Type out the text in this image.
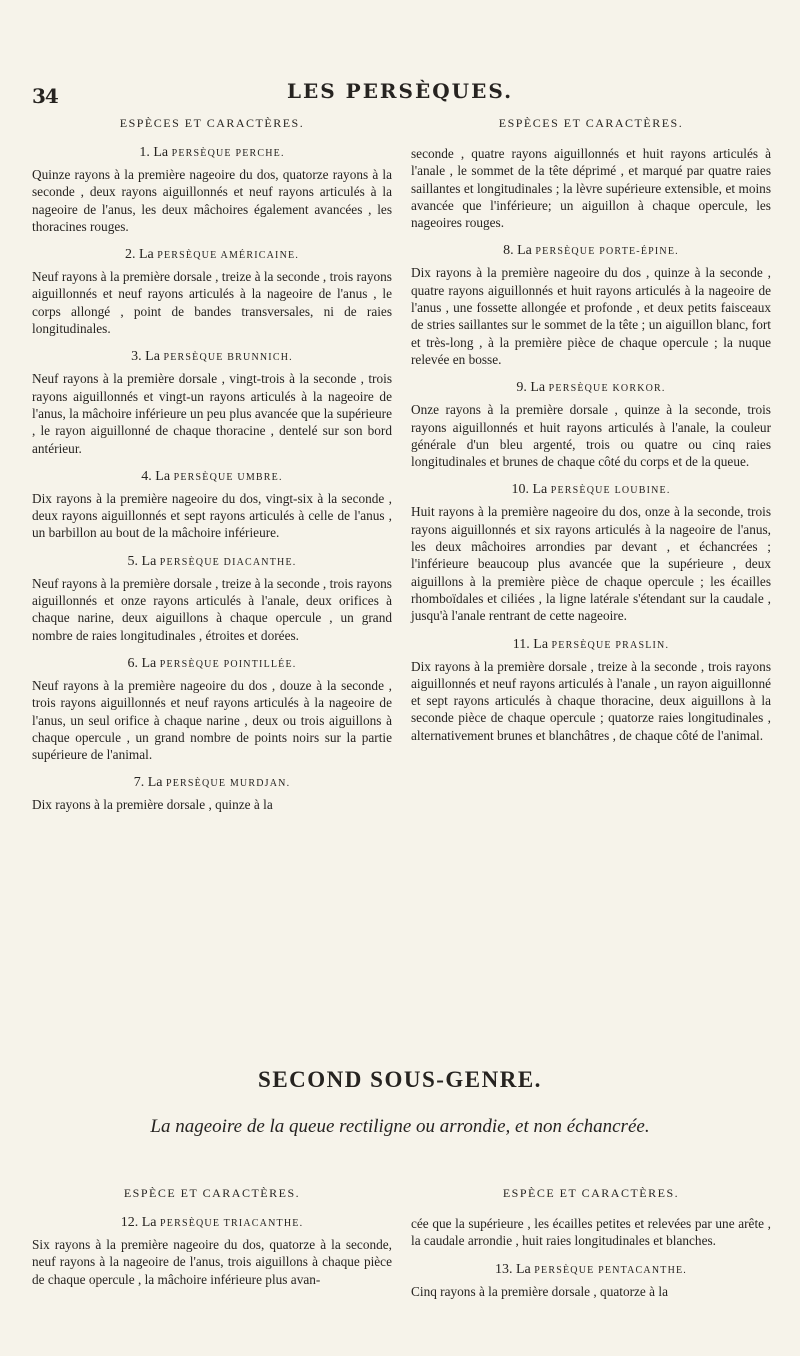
34	LES PERSÈQUES.
ESPÈCES ET CARACTÈRES.
1. La PERSÈQUE PERCHE.

Quinze rayons à la première nageoire du dos, quatorze rayons à la seconde , deux rayons aiguillonnés et neuf rayons articulés à la nageoire de l'anus, les deux mâchoires également avancées , les thoracines rouges.

2. La PERSÈQUE AMÉRICAINE.

Neuf rayons à la première dorsale , treize à la seconde , trois rayons aiguillonnés et neuf rayons articulés à la nageoire de l'anus , le corps allongé , point de bandes transversales, ni de raies longitudinales.

3. La PERSÈQUE BRUNNICH.

Neuf rayons à la première dorsale , vingt-trois à la seconde , trois rayons aiguillonnés et vingt-un rayons articulés à la nageoire de l'anus, la mâchoire inférieure un peu plus avancée que la supérieure , le rayon aiguillonné de chaque thoracine , dentelé sur son bord antérieur.

4. La PERSÈQUE UMBRE.

Dix rayons à la première nageoire du dos, vingt-six à la seconde , deux rayons aiguillonnés et sept rayons articulés à celle de l'anus , un barbillon au bout de la mâchoire inférieure.

5. La PERSÈQUE DIACANTHE.

Neuf rayons à la première dorsale , treize à la seconde , trois rayons aiguillonnés et onze rayons articulés à l'anale, deux orifices à chaque narine, deux aiguillons à chaque opercule , un grand nombre de raies longitudinales , étroites et dorées.

6. La PERSÈQUE POINTILLÉE.

Neuf rayons à la première nageoire du dos , douze à la seconde , trois rayons aiguillonnés et neuf rayons articulés à la nageoire de l'anus, un seul orifice à chaque narine , deux ou trois aiguillons à chaque opercule , un grand nombre de points noirs sur la partie supérieure de l'animal.

7. La PERSÈQUE MURDJAN.

Dix rayons à la première dorsale , quinze à la

ESPÈCES ET CARACTÈRES.

seconde , quatre rayons aiguillonnés et huit rayons articulés à l'anale , le sommet de la tête déprimé , et marqué par quatre raies saillantes et longitudinales ; la lèvre supérieure extensible, et moins avancée que l'inférieure; un aiguillon à chaque opercule, les nageoires rouges.

8. La PERSÈQUE PORTE-ÉPINE.

Dix rayons à la première nageoire du dos , quinze à la seconde , quatre rayons aiguillonnés et huit rayons articulés à la nageoire de l'anus , une fossette allongée et profonde , et deux petits faisceaux de stries saillantes sur le sommet de la tête ; un aiguillon blanc, fort et très-long , à la première pièce de chaque opercule ; la nuque relevée en bosse.

9. La PERSÈQUE KORKOR.

Onze rayons à la première dorsale , quinze à la seconde, trois rayons aiguillonnés et huit rayons articulés à l'anale, la couleur générale d'un bleu argenté, trois ou quatre ou cinq raies longitudinales et brunes de chaque côté du corps et de la queue.

10. La PERSÈQUE LOUBINE.

Huit rayons à la première nageoire du dos, onze à la seconde, trois rayons aiguillonnés et six rayons articulés à la nageoire de l'anus, les deux mâchoires arrondies par devant , et échancrées ; l'inférieure beaucoup plus avancée que la supérieure , deux aiguillons à la première pièce de chaque opercule ; les écailles rhomboïdales et ciliées , la ligne latérale s'étendant sur la caudale , jusqu'à l'anale rentrant de cette nageoire.

11. La PERSÈQUE PRASLIN.

Dix rayons à la première dorsale , treize à la seconde , trois rayons aiguillonnés et neuf rayons articulés à l'anale , un rayon aiguillonné et sept rayons articulés à chaque thoracine, deux aiguillons à la seconde pièce de chaque opercule ; quatorze raies longitudinales , alternativement brunes et blanchâtres , de chaque côté de l'animal.

SECOND SOUS-GENRE.
La nageoire de la queue rectiligne ou arrondie, et non échancrée.
ESPÈCE ET CARACTÈRES.
12. La PERSÈQUE TRIACANTHE.

Six rayons à la première nageoire du dos, quatorze à la seconde, neuf rayons à la nageoire de l'anus, trois aiguillons à chaque pièce de chaque opercule , la mâchoire inférieure plus avan-

ESPÈCE ET CARACTÈRES.

cée que la supérieure , les écailles petites et relevées par une arête , la caudale arrondie , huit raies longitudinales et blanches.

13. La PERSÈQUE PENTACANTHE.

Cinq rayons à la première dorsale , quatorze à la
